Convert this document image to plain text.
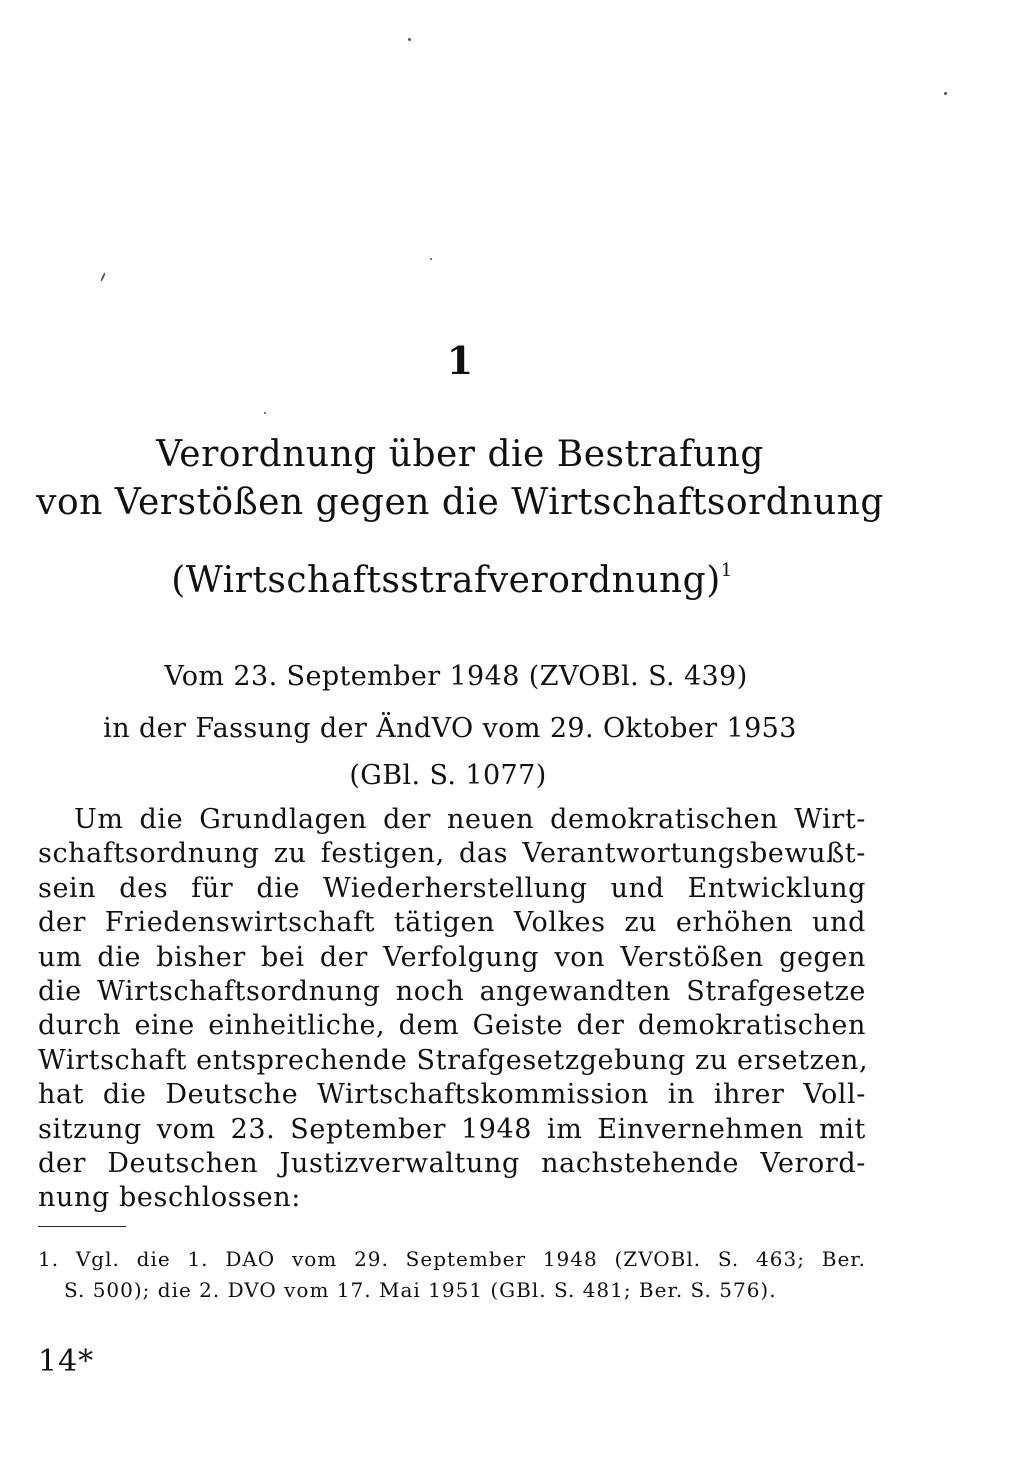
1
Verordnung über die Bestrafung
von Verstößen gegen die Wirtschaftsordnung
(Wirtschaftsstrafverordnung)$^1$
Vom 23. September 1948 (ZVOBl. S. 439)
in der Fassung der ÄndVO vom 29. Oktober 1953
(GBl. S. 1077)
Um die Grundlagen der neuen demokratischen Wirt-
schaftsordnung zu festigen, das Verantwortungsbewußt-
sein des für die Wiederherstellung und Entwicklung
der Friedenswirtschaft tätigen Volkes zu erhöhen und
um die bisher bei der Verfolgung von Verstößen gegen
die Wirtschaftsordnung noch angewandten Strafgesetze
durch eine einheitliche, dem Geiste der demokratischen
Wirtschaft entsprechende Strafgesetzgebung zu ersetzen,
hat die Deutsche Wirtschaftskommission in ihrer Voll-
sitzung vom 23. September 1948 im Einvernehmen mit
der Deutschen Justizverwaltung nachstehende Verord-
nung beschlossen:
1. Vgl. die 1. DAO vom 29. September 1948 (ZVOBl. S. 463; Ber.
S. 500); die 2. DVO vom 17. Mai 1951 (GBl. S. 481; Ber. S. 576).
14*
